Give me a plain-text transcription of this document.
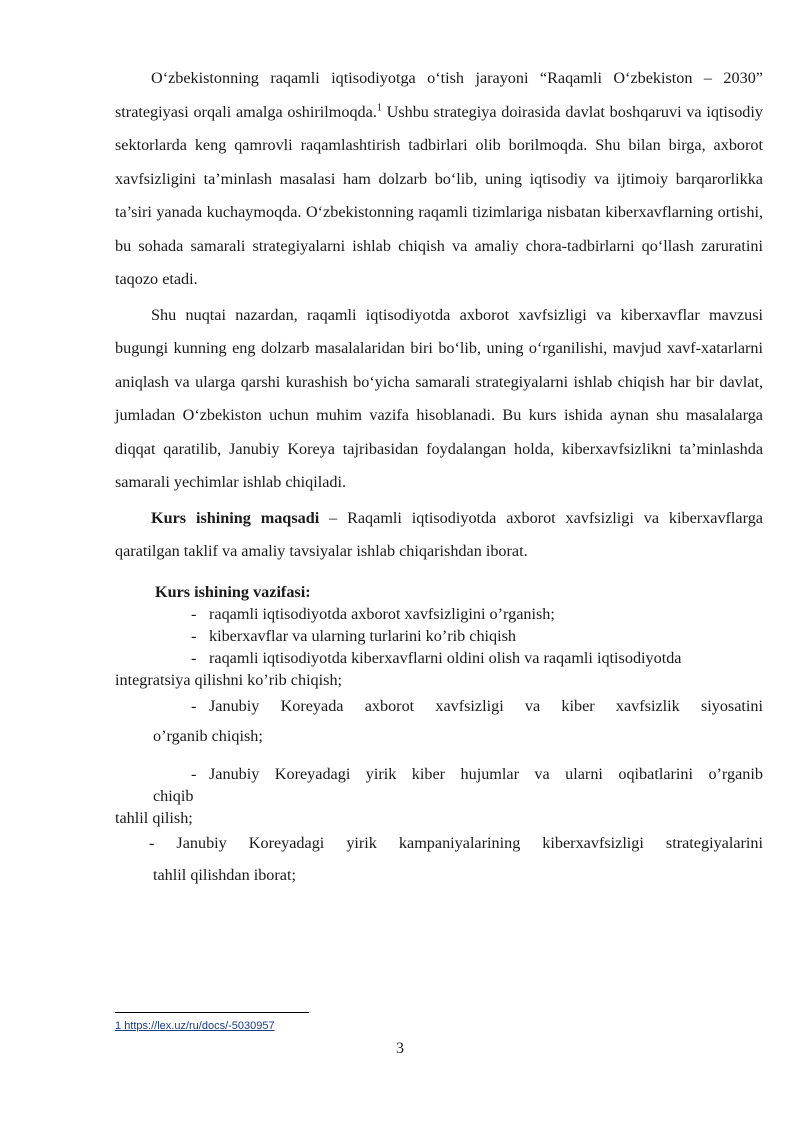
O‘zbekistonning raqamli iqtisodiyotga o‘tish jarayoni “Raqamli O‘zbekiston – 2030” strategiyasi orqali amalga oshirilmoqda.$^1$ Ushbu strategiya doirasida davlat boshqaruvi va iqtisodiy sektorlarda keng qamrovli raqamlashtirish tadbirlari olib borilmoqda. Shu bilan birga, axborot xavfsizligini ta’minlash masalasi ham dolzarb bo‘lib, uning iqtisodiy va ijtimoiy barqarorlikka ta’siri yanada kuchaymoqda. O‘zbekistonning raqamli tizimlariga nisbatan kiberxavflarning ortishi, bu sohada samarali strategiyalarni ishlab chiqish va amaliy chora-tadbirlarni qo‘llash zaruratini taqozo etadi.

Shu nuqtai nazardan, raqamli iqtisodiyotda axborot xavfsizligi va kiberxavflar mavzusi bugungi kunning eng dolzarb masalalaridan biri bo‘lib, uning o‘rganilishi, mavjud xavf-xatarlarni aniqlash va ularga qarshi kurashish bo‘yicha samarali strategiyalarni ishlab chiqish har bir davlat, jumladan O‘zbekiston uchun muhim vazifa hisoblanadi. Bu kurs ishida aynan shu masalalarga diqqat qaratilib, Janubiy Koreya tajribasidan foydalangan holda, kiberxavfsizlikni ta’minlashda samarali yechimlar ishlab chiqiladi.

Kurs ishining maqsadi – Raqamli iqtisodiyotda axborot xavfsizligi va kiberxavflarga qaratilgan taklif va amaliy tavsiyalar ishlab chiqarishdan iborat.

Kurs ishining vazifasi:

- raqamli iqtisodiyotda axborot xavfsizligini o’rganish;

- kiberxavflar va ularning turlarini ko’rib chiqish

- raqamli iqtisodiyotda kiberxavflarni oldini olish va raqamli iqtisodiyotda

integratsiya qilishni ko’rib chiqish;

- Janubiy Koreyada axborot xavfsizligi va kiber xavfsizlik siyosatini

o’rganib chiqish;

- Janubiy Koreyadagi yirik kiber hujumlar va ularni oqibatlarini o’rganib

chiqib

tahlil qilish;

- Janubiy Koreyadagi yirik kampaniyalarining kiberxavfsizligi strategiyalarini

tahlil qilishdan iborat;

1 https://lex.uz/ru/docs/-5030957
3
